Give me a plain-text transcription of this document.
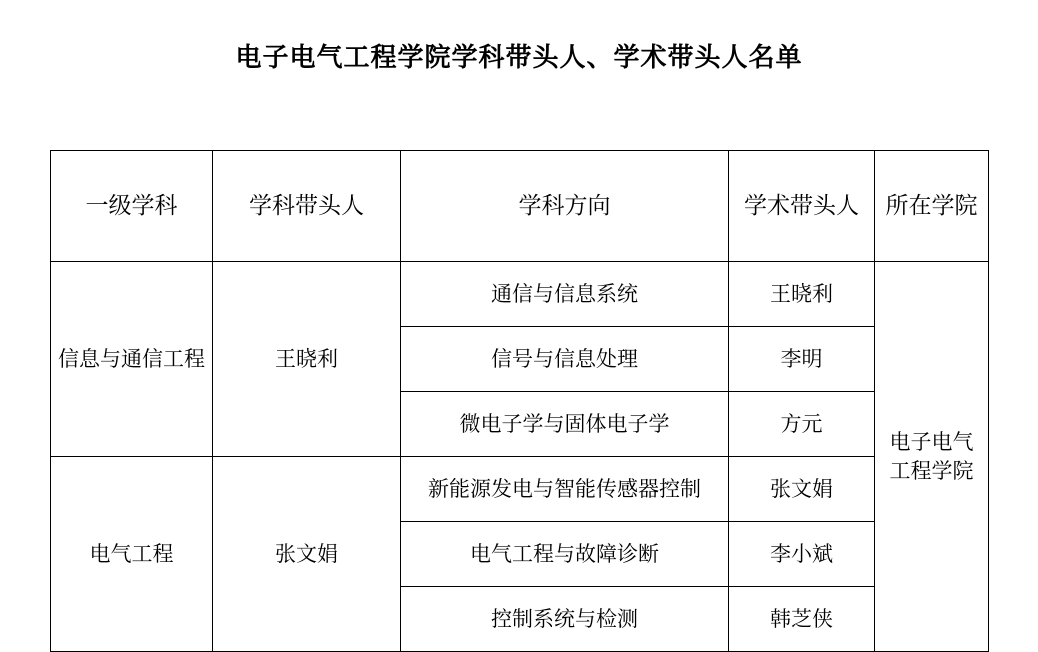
电子电气工程学院学科带头人、学术带头人名单
一级学科	学科带头人	学科方向	学术带头人	所在学院
信息与通信工程	王晓利	通信与信息系统	王晓利	电子电气
工程学院

		信号与信息处理	李明	
		微电子学与固体电子学	方元	
电气工程	张文娟	新能源发电与智能传感器控制	张文娟	
		电气工程与故障诊断	李小斌	
		控制系统与检测	韩芝侠	
